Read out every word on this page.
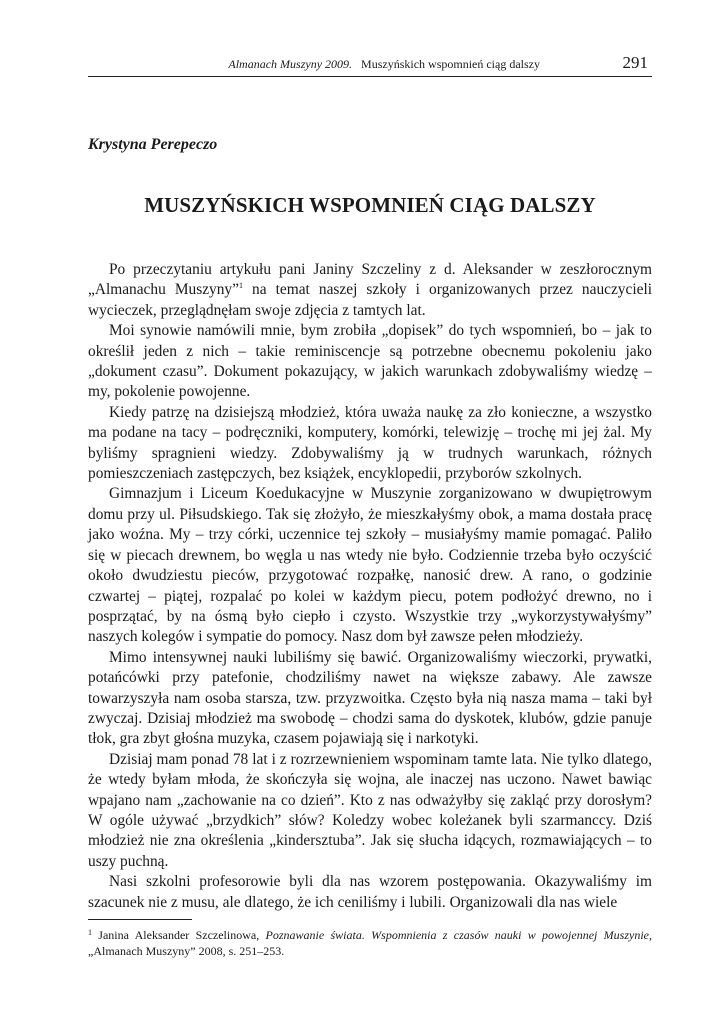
Almanach Muszyny 2009. Muszyńskich wspomnień ciąg dalszy	291
Krystyna Perepeczo
MUSZYŃSKICH WSPOMNIEŃ CIĄG DALSZY

Po przeczytaniu artykułu pani Janiny Szczeliny z d. Aleksander w zeszłorocznym „Almanachu Muszyny”$^1$ na temat naszej szkoły i organizowanych przez nauczycieli wycieczek, przeglądnęłam swoje zdjęcia z tamtych lat.

Moi synowie namówili mnie, bym zrobiła „dopisek” do tych wspomnień, bo – jak to określił jeden z nich – takie reminiscencje są potrzebne obecnemu pokoleniu jako „dokument czasu”. Dokument pokazujący, w jakich warunkach zdobywaliśmy wiedzę – my, pokolenie powojenne.

Kiedy patrzę na dzisiejszą młodzież, która uważa naukę za zło konieczne, a wszystko ma podane na tacy – podręczniki, komputery, komórki, telewizję – trochę mi jej żal. My byliśmy spragnieni wiedzy. Zdobywaliśmy ją w trudnych warunkach, różnych pomieszczeniach zastępczych, bez książek, encyklopedii, przyborów szkolnych.

Gimnazjum i Liceum Koedukacyjne w Muszynie zorganizowano w dwupiętrowym domu przy ul. Piłsudskiego. Tak się złożyło, że mieszkałyśmy obok, a mama dostała pracę jako woźna. My – trzy córki, uczennice tej szkoły – musiałyśmy mamie pomagać. Paliło się w piecach drewnem, bo węgla u nas wtedy nie było. Codziennie trzeba było oczyścić około dwudziestu pieców, przygotować rozpałkę, nanosić drew. A rano, o godzinie czwartej – piątej, rozpalać po kolei w każdym piecu, potem podłożyć drewno, no i posprzątać, by na ósmą było ciepło i czysto. Wszystkie trzy „wykorzystywałyśmy” naszych kolegów i sympatie do pomocy. Nasz dom był zawsze pełen młodzieży.

Mimo intensywnej nauki lubiliśmy się bawić. Organizowaliśmy wieczorki, prywatki, potańcówki przy patefonie, chodziliśmy nawet na większe zabawy. Ale zawsze towarzyszyła nam osoba starsza, tzw. przyzwoitka. Często była nią nasza mama – taki był zwyczaj. Dzisiaj młodzież ma swobodę – chodzi sama do dyskotek, klubów, gdzie panuje tłok, gra zbyt głośna muzyka, czasem pojawiają się i narkotyki.

Dzisiaj mam ponad 78 lat i z rozrzewnieniem wspominam tamte lata. Nie tylko dlatego, że wtedy byłam młoda, że skończyła się wojna, ale inaczej nas uczono. Nawet bawiąc wpajano nam „zachowanie na co dzień”. Kto z nas odważyłby się zakląć przy dorosłym? W ogóle używać „brzydkich” słów? Koledzy wobec koleżanek byli szarmanccy. Dziś młodzież nie zna określenia „kindersztuba”. Jak się słucha idących, rozmawiających – to uszy puchną.

Nasi szkolni profesorowie byli dla nas wzorem postępowania. Okazywaliśmy im szacunek nie z musu, ale dlatego, że ich ceniliśmy i lubili. Organizowali dla nas wiele

$^1$ Janina Aleksander Szczelinowa, Poznawanie świata. Wspomnienia z czasów nauki w powojennej Muszynie, „Almanach Muszyny” 2008, s. 251–253.
